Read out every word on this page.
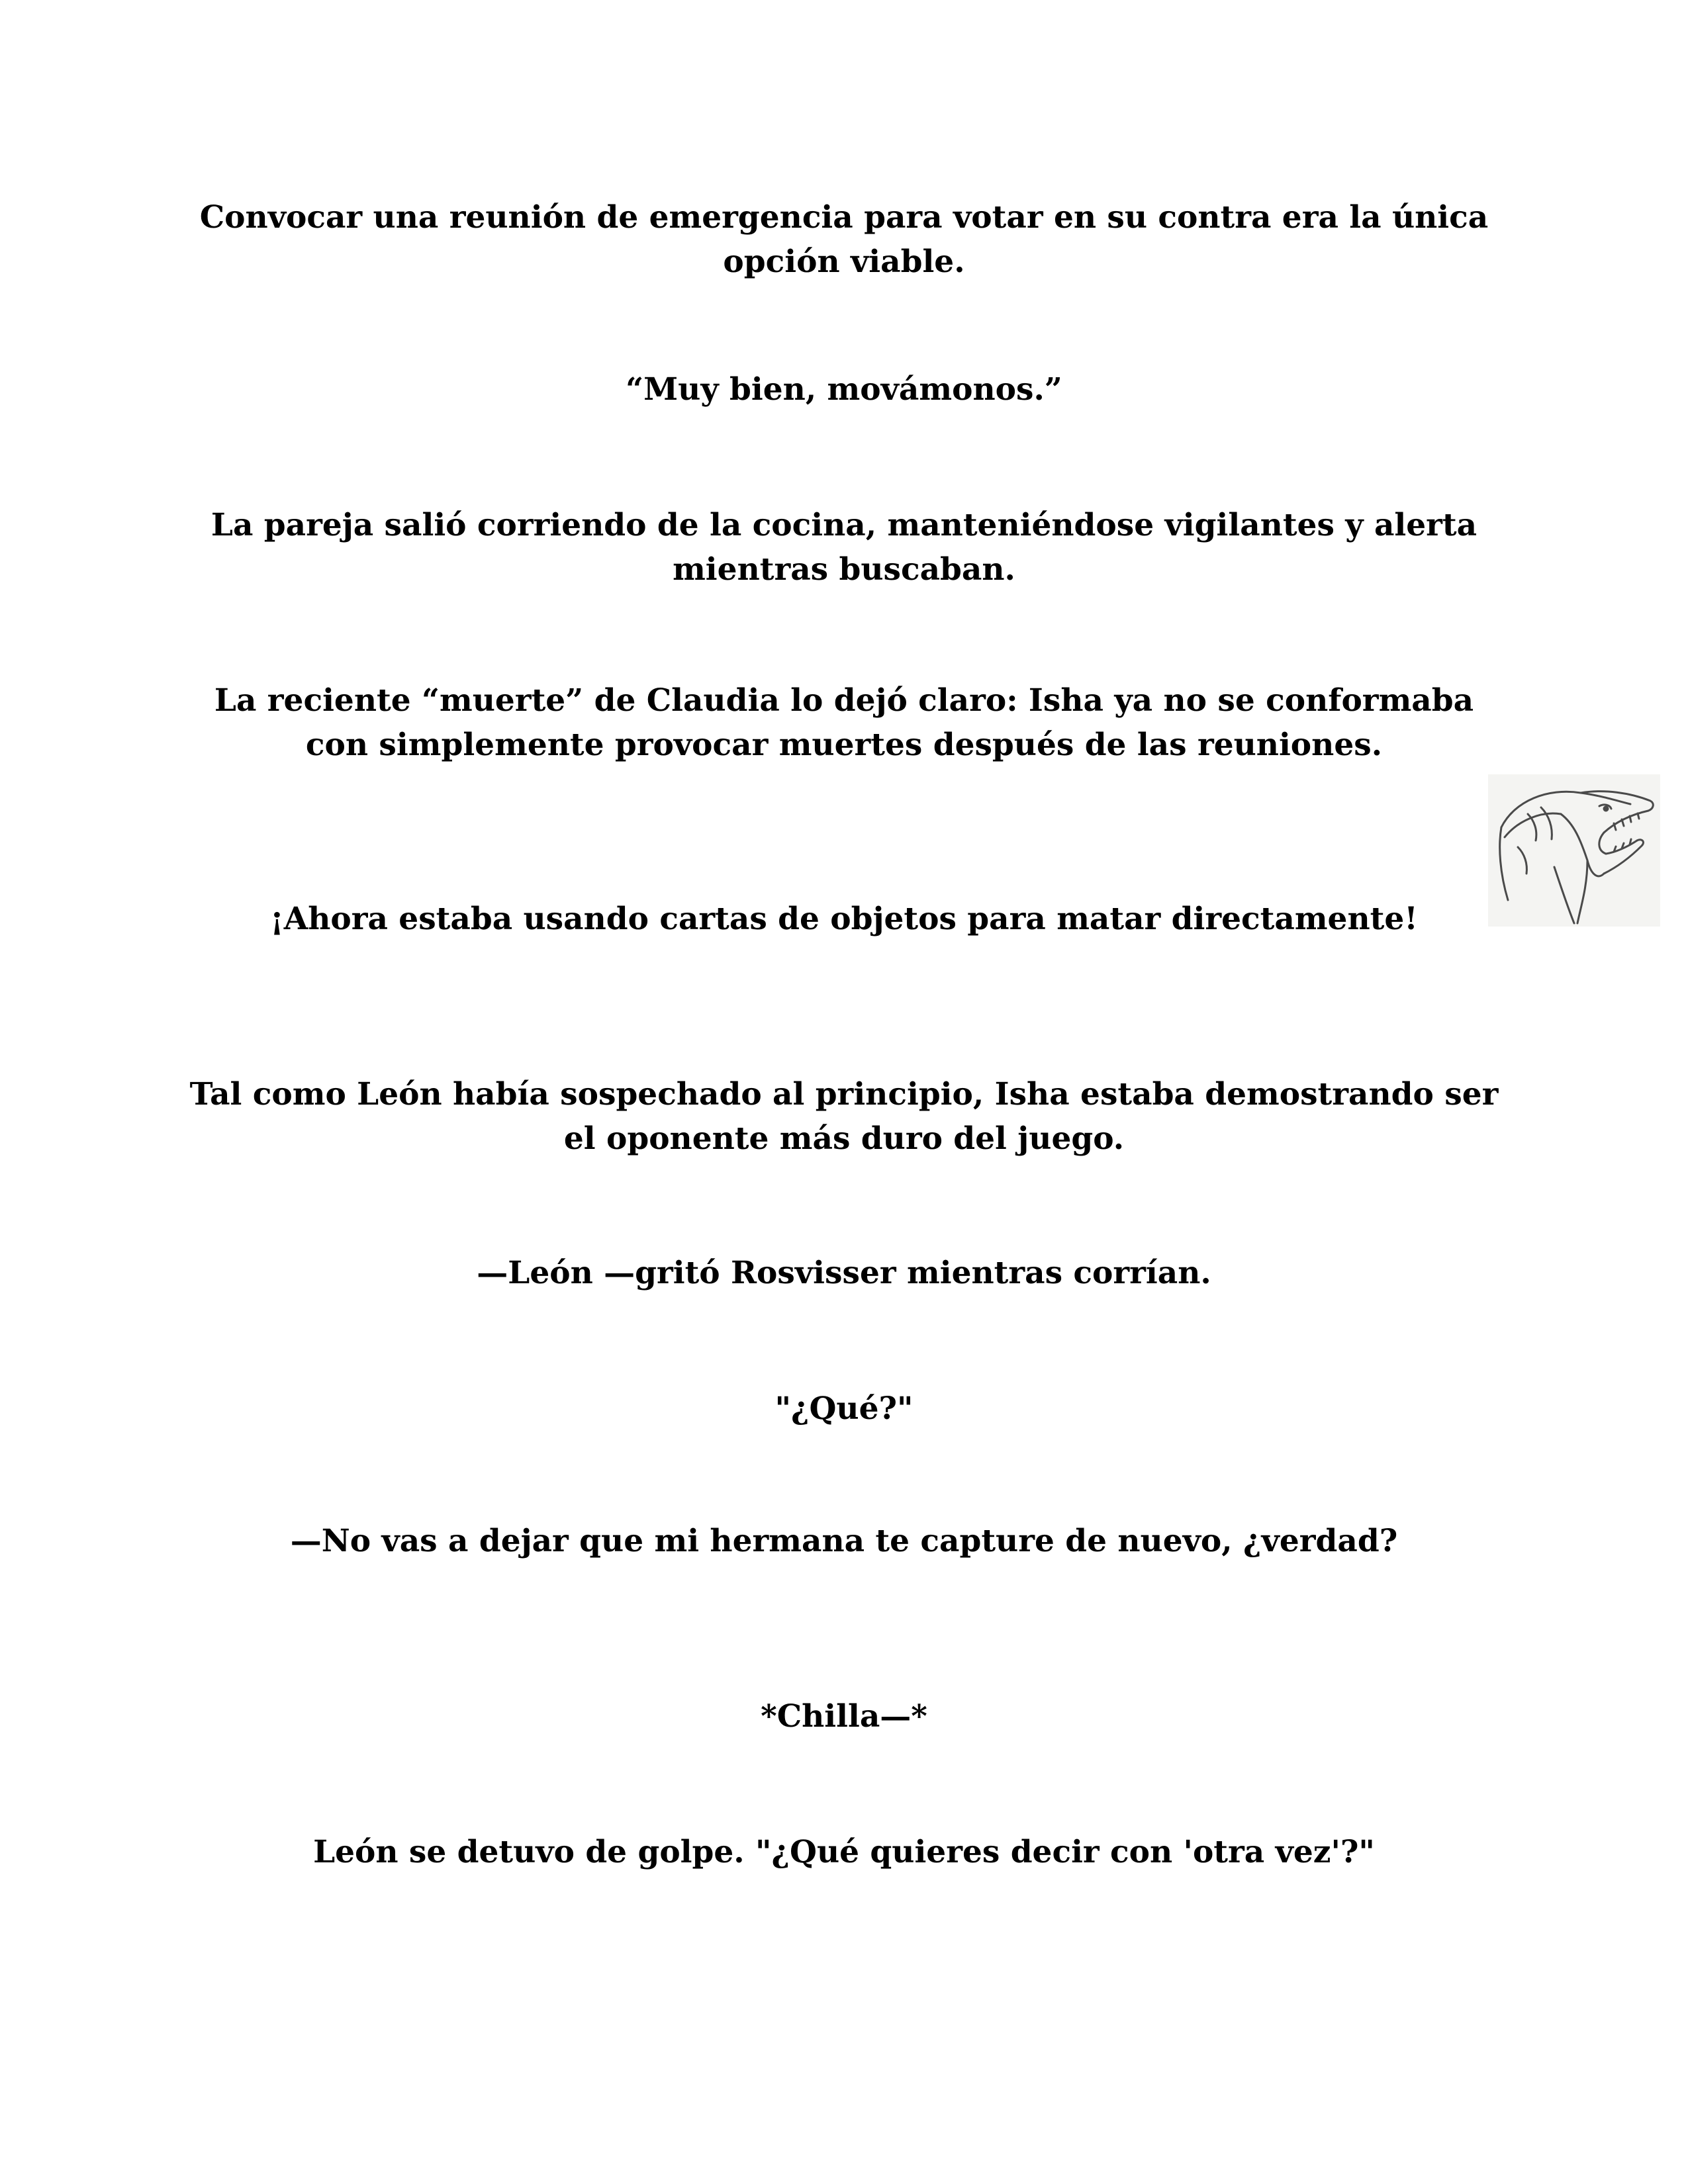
Convocar una reunión de emergencia para votar en su contra era la única opción viable.

“Muy bien, movámonos.”

La pareja salió corriendo de la cocina, manteniéndose vigilantes y alerta mientras buscaban.

La reciente “muerte” de Claudia lo dejó claro: Isha ya no se conformaba con simplemente provocar muertes después de las reuniones.

¡Ahora estaba usando cartas de objetos para matar directamente!

Tal como León había sospechado al principio, Isha estaba demostrando ser el oponente más duro del juego.

—León —gritó Rosvisser mientras corrían.

"¿Qué?"

—No vas a dejar que mi hermana te capture de nuevo, ¿verdad?

*Chilla—*

León se detuvo de golpe. "¿Qué quieres decir con 'otra vez'?"
